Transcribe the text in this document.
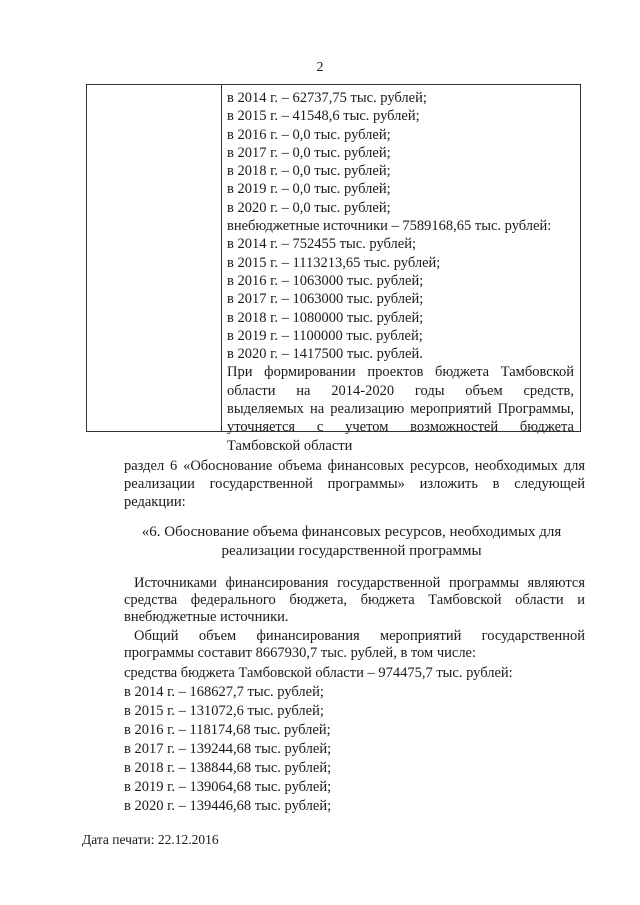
2
в 2014 г. – 62737,75 тыс. рублей;
в 2015 г. – 41548,6 тыс. рублей;
в 2016 г. – 0,0 тыс. рублей;
в 2017 г. – 0,0 тыс. рублей;
в 2018 г. – 0,0 тыс. рублей;
в 2019 г. – 0,0 тыс. рублей;
в 2020 г. – 0,0 тыс. рублей;
внебюджетные источники – 7589168,65 тыс. рублей:
в 2014 г. – 752455 тыс. рублей;
в 2015 г. – 1113213,65 тыс. рублей;
в 2016 г. – 1063000 тыс. рублей;
в 2017 г. – 1063000 тыс. рублей;
в 2018 г. – 1080000 тыс. рублей;
в 2019 г. – 1100000 тыс. рублей;
в 2020 г. – 1417500 тыс. рублей.
При формировании проектов бюджета Тамбовской
области на 2014-2020 годы объем средств,
выделяемых на реализацию мероприятий Программы,
уточняется с учетом возможностей бюджета
Тамбовской области
раздел 6 «Обоснование объема финансовых ресурсов, необходимых для реализации государственной программы» изложить в следующей редакции:
«6. Обоснование объема финансовых ресурсов, необходимых для
реализации государственной программы

Источниками финансирования государственной программы являются средства федерального бюджета, бюджета Тамбовской области и внебюджетные источники.

Общий объем финансирования мероприятий государственной программы составит 8667930,7 тыс. рублей, в том числе:

средства бюджета Тамбовской области – 974475,7 тыс. рублей:
в 2014 г. – 168627,7 тыс. рублей;
в 2015 г. – 131072,6 тыс. рублей;
в 2016 г. – 118174,68 тыс. рублей;
в 2017 г. – 139244,68 тыс. рублей;
в 2018 г. – 138844,68 тыс. рублей;
в 2019 г. – 139064,68 тыс. рублей;
в 2020 г. – 139446,68 тыс. рублей;
Дата печати: 22.12.2016
